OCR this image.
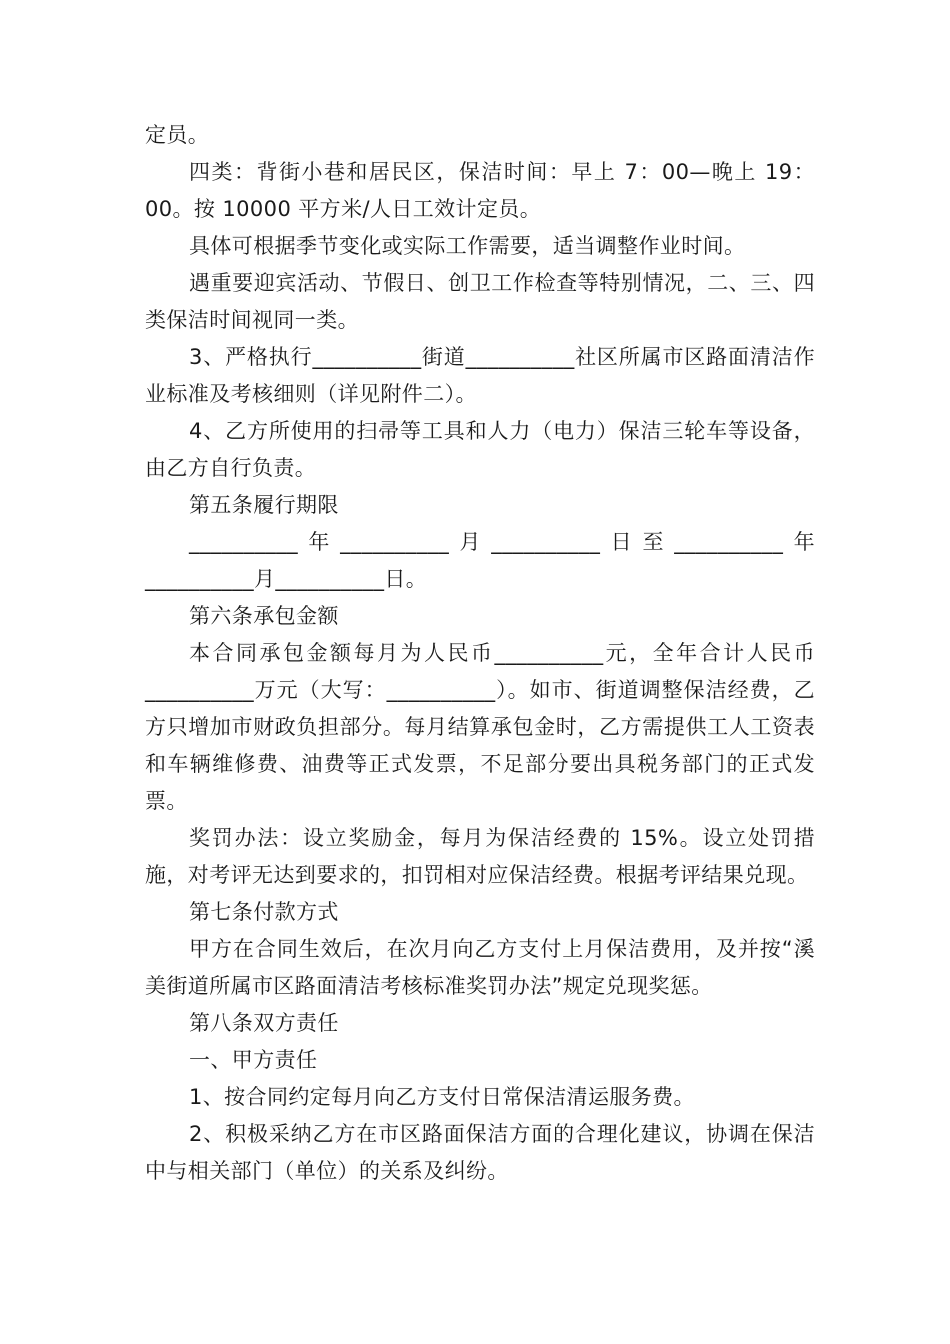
定员。

四类：背街小巷和居民区，保洁时间：早上 7：00—晚上 19：00。按 10000 平方米/人日工效计定员。

具体可根据季节变化或实际工作需要，适当调整作业时间。

遇重要迎宾活动、节假日、创卫工作检查等特别情况，二、三、四类保洁时间视同一类。

3、严格执行__________街道__________社区所属市区路面清洁作业标准及考核细则（详见附件二）。

4、乙方所使用的扫帚等工具和人力（电力）保洁三轮车等设备，由乙方自行负责。

第五条履行期限

__________年__________月__________日至__________年__________月__________日。

第六条承包金额

本合同承包金额每月为人民币__________元，全年合计人民币__________万元（大写：__________）。如市、街道调整保洁经费，乙方只增加市财政负担部分。每月结算承包金时，乙方需提供工人工资表和车辆维修费、油费等正式发票，不足部分要出具税务部门的正式发票。

奖罚办法：设立奖励金，每月为保洁经费的 15%。设立处罚措施，对考评无达到要求的，扣罚相对应保洁经费。根据考评结果兑现。

第七条付款方式

甲方在合同生效后，在次月向乙方支付上月保洁费用，及并按“溪美街道所属市区路面清洁考核标准奖罚办法”规定兑现奖惩。

第八条双方责任

一、甲方责任

1、按合同约定每月向乙方支付日常保洁清运服务费。

2、积极采纳乙方在市区路面保洁方面的合理化建议，协调在保洁中与相关部门（单位）的关系及纠纷。
